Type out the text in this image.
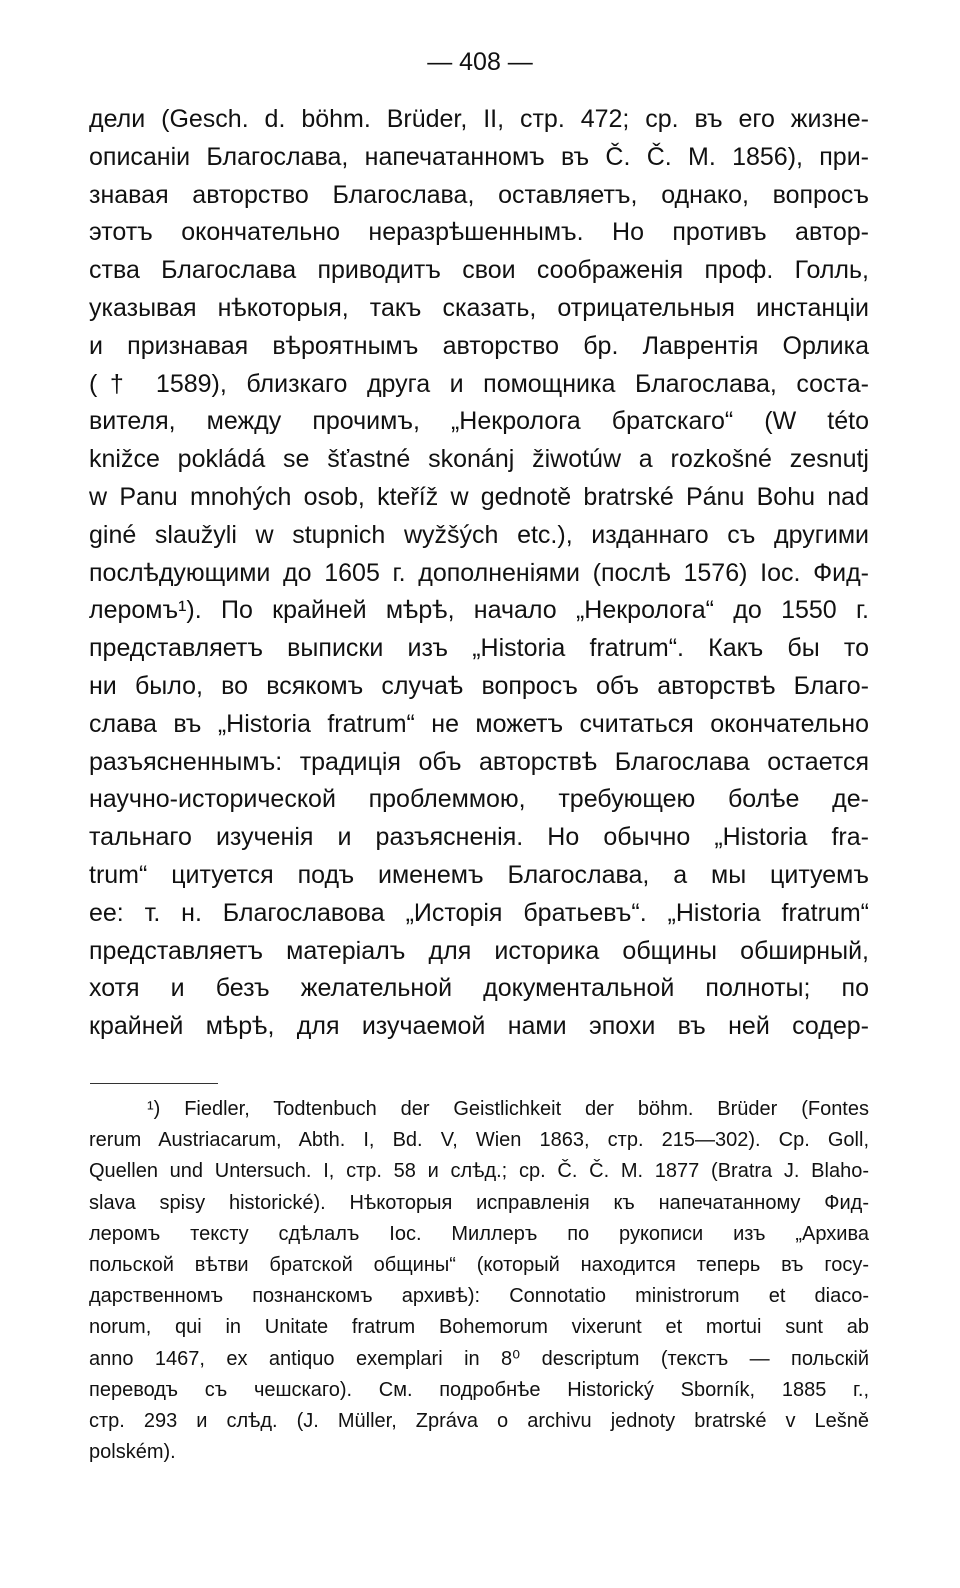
— 408 —
дели (Gesch. d. böhm. Brüder, II, стр. 472; ср. въ его жизне-
описаніи Благослава, напечатанномъ въ Č. Č. M. 1856), при-
знавая авторство Благослава, оставляетъ, однако, вопросъ
этотъ окончательно неразрѣшеннымъ. Но противъ автор-
ства Благослава приводитъ свои соображенія проф. Голль,
указывая нѣкоторыя, такъ сказать, отрицательныя инстанціи
и признавая вѣроятнымъ авторство бр. Лаврентія Орлика
(† 1589), близкаго друга и помощника Благослава, соста-
вителя, между прочимъ, „Некролога братскаго“ (W této
knižce pokládá se šťastné skonánj žiwotúw a rozkošné zesnutj
w Panu mnohých osob, kteříž w gednotě bratrské Pánu Bohu nad
giné slaužyli w stupnich wyžšých etc.), изданнаго съ другими
послѣдующими до 1605 г. дополненіями (послѣ 1576) Іос. Фид-
леромъ¹). По крайней мѣрѣ, начало „Некролога“ до 1550 г.
представляетъ выписки изъ „Historia fratrum“. Какъ бы то
ни было, во всякомъ случаѣ вопросъ объ авторствѣ Благо-
слава въ „Historia fratrum“ не можетъ считаться окончательно
разъясненнымъ: традиція объ авторствѣ Благослава остается
научно-исторической проблеммою, требующею болѣе де-
тальнаго изученія и разъясненія. Но обычно „Historia fra-
trum“ цитуется подъ именемъ Благослава, а мы цитуемъ
ее: т. н. Благославова „Исторія братьевъ“. „Historia fratrum“
представляетъ матеріалъ для историка общины обширный,
хотя и безъ желательной документальной полноты; по
крайней мѣрѣ, для изучаемой нами эпохи въ ней содер-
¹) Fiedler, Todtenbuch der Geistlichkeit der böhm. Brüder (Fontes
rerum Austriacarum, Abth. I, Bd. V, Wien 1863, стр. 215—302). Ср. Goll,
Quellen und Untersuch. I, стр. 58 и слѣд.; ср. Č. Č. M. 1877 (Bratra J. Blaho-
slava spisy historické). Нѣкоторыя исправленія къ напечатанному Фид-
леромъ тексту сдѣлалъ Іос. Миллеръ по рукописи изъ „Архива
польской вѣтви братской общины“ (который находится теперь въ госу-
дарственномъ познанскомъ архивѣ): Connotatio ministrorum et diaco-
norum, qui in Unitate fratrum Bohemorum vixerunt et mortui sunt ab
anno 1467, ex antiquo exemplari in 8⁰ descriptum (текстъ — польскій
переводъ съ чешскаго). См. подробнѣе Historický Sborník, 1885 г.,
стр. 293 и слѣд. (J. Müller, Zpráva o archivu jednoty bratrské v Lešně
polském).
